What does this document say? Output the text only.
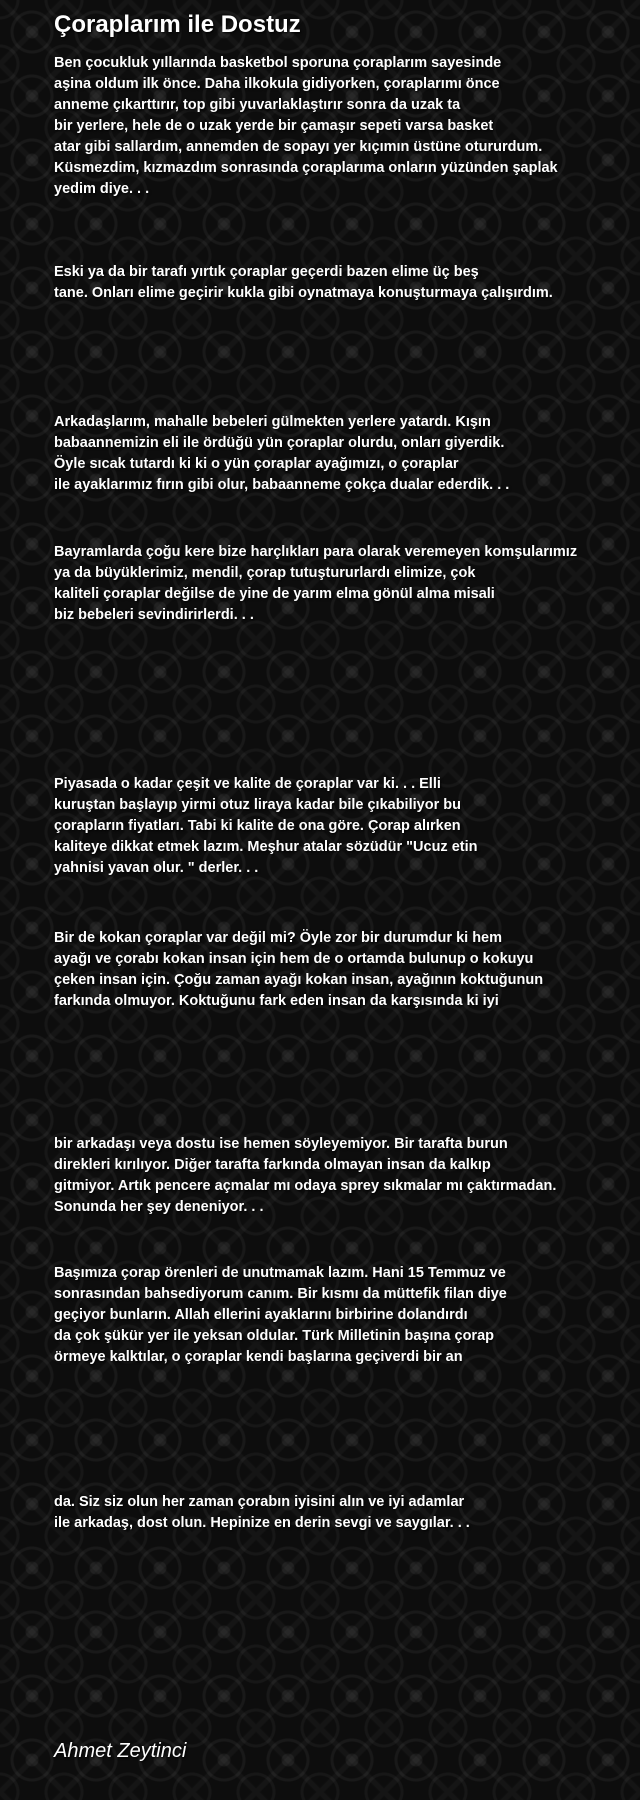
Çoraplarım ile Dostuz
Ben çocukluk yıllarında basketbol sporuna çoraplarım sayesinde
aşina oldum ilk önce. Daha ilkokula gidiyorken, çoraplarımı önce
anneme çıkarttırır, top gibi yuvarlaklaştırır sonra da uzak ta
bir yerlere, hele de o uzak yerde bir çamaşır sepeti varsa basket
atar gibi sallardım, annemden de sopayı yer kıçımın üstüne otururdum.
Küsmezdim, kızmazdım sonrasında çoraplarıma onların yüzünden şaplak
yedim diye. . .
Eski ya da bir tarafı yırtık çoraplar geçerdi bazen elime üç beş
tane. Onları elime geçirir kukla gibi oynatmaya konuşturmaya çalışırdım.
Arkadaşlarım, mahalle bebeleri gülmekten yerlere yatardı. Kışın
babaannemizin eli ile ördüğü yün çoraplar olurdu, onları giyerdik.
Öyle sıcak tutardı ki ki o yün çoraplar ayağımızı, o çoraplar
ile ayaklarımız fırın gibi olur, babaanneme çokça dualar ederdik. . .
Bayramlarda çoğu kere bize harçlıkları para olarak veremeyen komşularımız
ya da büyüklerimiz, mendil, çorap tutuştururlardı elimize, çok
kaliteli çoraplar değilse de yine de yarım elma gönül alma misali
biz bebeleri sevindirirlerdi. . .
Piyasada o kadar çeşit ve kalite de çoraplar var ki. . . Elli
kuruştan başlayıp yirmi otuz liraya kadar bile çıkabiliyor bu
çorapların fiyatları. Tabi ki kalite de ona göre. Çorap alırken
kaliteye dikkat etmek lazım. Meşhur atalar sözüdür "Ucuz etin
yahnisi yavan olur. " derler. . .
Bir de kokan çoraplar var değil mi? Öyle zor bir durumdur ki hem
ayağı ve çorabı kokan insan için hem de o ortamda bulunup o kokuyu
çeken insan için. Çoğu zaman ayağı kokan insan, ayağının koktuğunun
farkında olmuyor. Koktuğunu fark eden insan da karşısında ki iyi
bir arkadaşı veya dostu ise hemen söyleyemiyor. Bir tarafta burun
direkleri kırılıyor. Diğer tarafta farkında olmayan insan da kalkıp
gitmiyor. Artık pencere açmalar mı odaya sprey sıkmalar mı çaktırmadan.
Sonunda her şey deneniyor. . .
Başımıza çorap örenleri de unutmamak lazım. Hani 15 Temmuz ve
sonrasından bahsediyorum canım. Bir kısmı da müttefik filan diye
geçiyor bunların. Allah ellerini ayaklarını birbirine dolandırdı
da çok şükür yer ile yeksan oldular. Türk Milletinin başına çorap
örmeye kalktılar, o çoraplar kendi başlarına geçiverdi bir an
da. Siz siz olun her zaman çorabın iyisini alın ve iyi adamlar
ile arkadaş, dost olun. Hepinize en derin sevgi ve saygılar. . .
Ahmet Zeytinci
